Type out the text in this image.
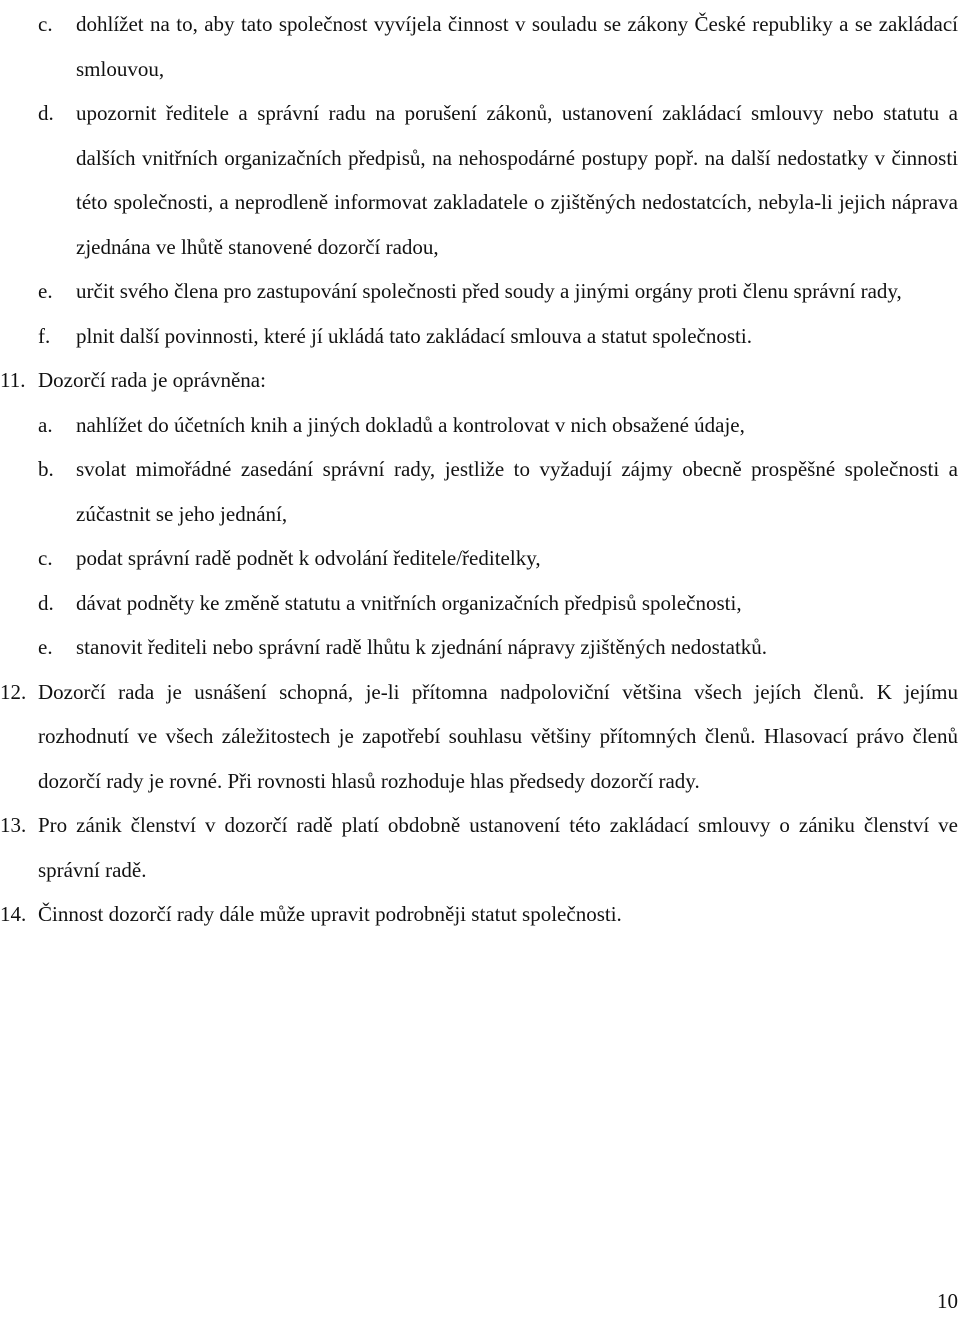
c.	dohlížet na to, aby tato společnost vyvíjela činnost v souladu se zákony České republiky a se zakládací smlouvou,
d.	upozornit ředitele a správní radu na porušení zákonů, ustanovení zakládací smlouvy nebo statutu a dalších vnitřních organizačních předpisů, na nehospodárné postupy popř. na další nedostatky v činnosti této společnosti, a neprodleně informovat zakladatele o zjištěných nedostatcích, nebyla-li jejich náprava zjednána ve lhůtě stanovené dozorčí radou,
e.	určit svého člena pro zastupování společnosti před soudy a jinými orgány proti členu správní rady,
f.	plnit další povinnosti, které jí ukládá tato zakládací smlouva a statut společnosti.
11. Dozorčí rada je oprávněna:
a.	nahlížet do účetních knih a jiných dokladů a kontrolovat v nich obsažené údaje,
b.	svolat mimořádné zasedání správní rady, jestliže to vyžadují zájmy obecně prospěšné společnosti a zúčastnit se jeho jednání,
c.	podat správní radě podnět k odvolání ředitele/ředitelky,
d.	dávat podněty ke změně statutu a vnitřních organizačních předpisů společnosti,
e.	stanovit řediteli nebo správní radě lhůtu k zjednání nápravy zjištěných nedostatků.
12. Dozorčí rada je usnášení schopná, je-li přítomna nadpoloviční většina všech jejích členů. K jejímu rozhodnutí ve všech záležitostech je zapotřebí souhlasu většiny přítomných členů. Hlasovací právo členů dozorčí rady je rovné. Při rovnosti hlasů rozhoduje hlas předsedy dozorčí rady.
13. Pro zánik členství v dozorčí radě platí obdobně ustanovení této zakládací smlouvy o zániku členství ve správní radě.
14. Činnost dozorčí rady dále může upravit podrobněji statut společnosti.
10
